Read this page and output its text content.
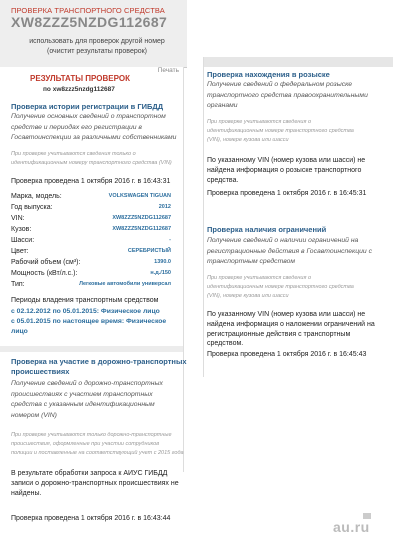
ПРОВЕРКА ТРАНСПОРТНОГО СРЕДСТВА
XW8ZZZ5NZDG112687
использовать для проверок другой номер (очистит результаты проверок)
Печать
РЕЗУЛЬТАТЫ ПРОВЕРОК
по xw8zzz5nzdg112687
Проверка истории регистрации в ГИБДД
Получение основных сведений о транспортном
средстве и периодах его регистрации в
Госавтоинспекции за различными собственниками
При проверке учитываются сведения только о
идентификационным номеру транспортного средства (VIN)
Проверка проведена 1 октября 2016 г. в 16:43:31
Марка, модель:	VOLKSWAGEN TIGUAN
Год выпуска:	2012
VIN:	XW8ZZZ5NZDG112687
Кузов:	XW8ZZZ5NZDG112687
Шасси:	-
Цвет:	СЕРЕБРИСТЫЙ
Рабочий объем (см³):	1390.0
Мощность (кВт/л.с.):	н.д./150
Тип:	Легковые автомобили универсал
Периоды владения транспортным средством
с 02.12.2012 по 05.01.2015: Физическое лицо
с 05.01.2015 по настоящее время: Физическое
лицо
Проверка на участие в дорожно-транспортных
происшествиях
Получение сведений о дорожно-транспортных
происшествиях с участием транспортных
средства с указанным идентификационным
номером (VIN)
При проверке учитываются только дорожно-транспортные
происшествия, оформленные при участии сотрудников
полиции и поставленные на соответствующий учет с 2015 года
В результате обработки запроса к АИУС ГИБДД
записи о дорожно-транспортных происшествиях не
найдены.
Проверка проведена 1 октября 2016 г. в 16:43:44
Проверка нахождения в розыске
Получение сведений о федеральном розыске
транспортного средства правоохранительными
органами
При проверке учитываются сведения о
идентификационным номере транспортного средства
(VIN), номере кузова или шасси
По указанному VIN (номер кузова или шасси) не
найдена информация о розыске транспортного
средства.
Проверка проведена 1 октября 2016 г. в 16:45:31
Проверка наличия ограничений
Получение сведений о наличии ограничений на
регистрационные действия в Госавтоинспекции с
транспортным средством
При проверке учитываются сведения о
идентификационным номере транспортного средства
(VIN), номере кузова или шасси
По указанному VIN (номер кузова или шасси) не
найдена информация о наложении ограничений на
регистрационные действия с транспортным
средством.
Проверка проведена 1 октября 2016 г. в 16:45:43
au.ru
